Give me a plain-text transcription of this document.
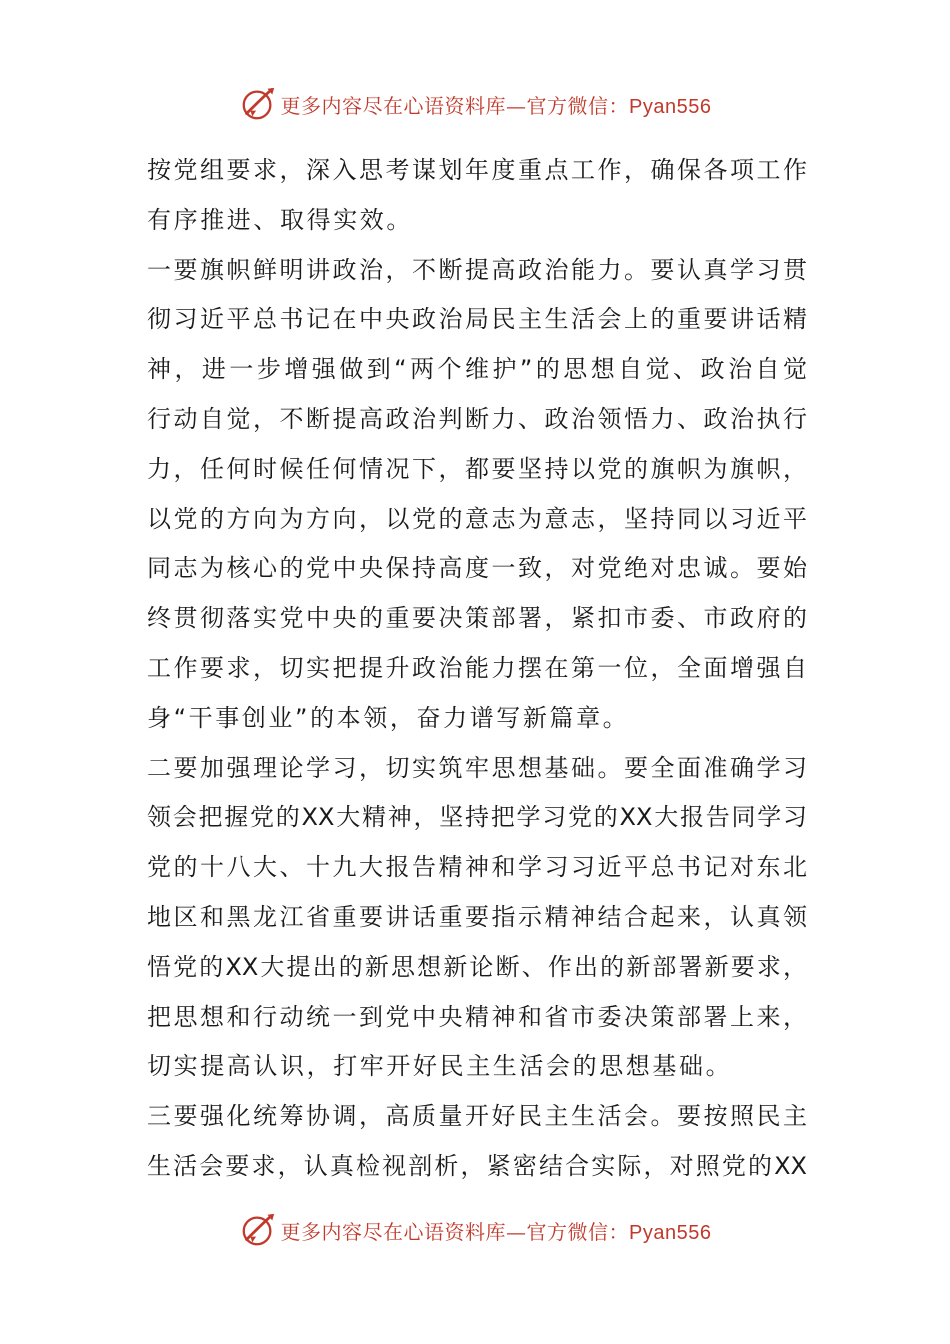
更多内容尽在心语资料库—官方微信：Pyan556
按党组要求，深入思考谋划年度重点工作，确保各项工作
有序推进、取得实效。
一要旗帜鲜明讲政治，不断提高政治能力。要认真学习贯
彻习近平总书记在中央政治局民主生活会上的重要讲话精
神，进一步增强做到“两个维护”的思想自觉、政治自觉
行动自觉，不断提高政治判断力、政治领悟力、政治执行
力，任何时候任何情况下，都要坚持以党的旗帜为旗帜，
以党的方向为方向，以党的意志为意志，坚持同以习近平
同志为核心的党中央保持高度一致，对党绝对忠诚。要始
终贯彻落实党中央的重要决策部署，紧扣市委、市政府的
工作要求，切实把提升政治能力摆在第一位，全面增强自
身“干事创业”的本领，奋力谱写新篇章。
二要加强理论学习，切实筑牢思想基础。要全面准确学习
领会把握党的XX大精神，坚持把学习党的XX大报告同学习
党的十八大、十九大报告精神和学习习近平总书记对东北
地区和黑龙江省重要讲话重要指示精神结合起来，认真领
悟党的XX大提出的新思想新论断、作出的新部署新要求，
把思想和行动统一到党中央精神和省市委决策部署上来，
切实提高认识，打牢开好民主生活会的思想基础。
三要强化统筹协调，高质量开好民主生活会。要按照民主
生活会要求，认真检视剖析，紧密结合实际，对照党的XX
更多内容尽在心语资料库—官方微信：Pyan556
